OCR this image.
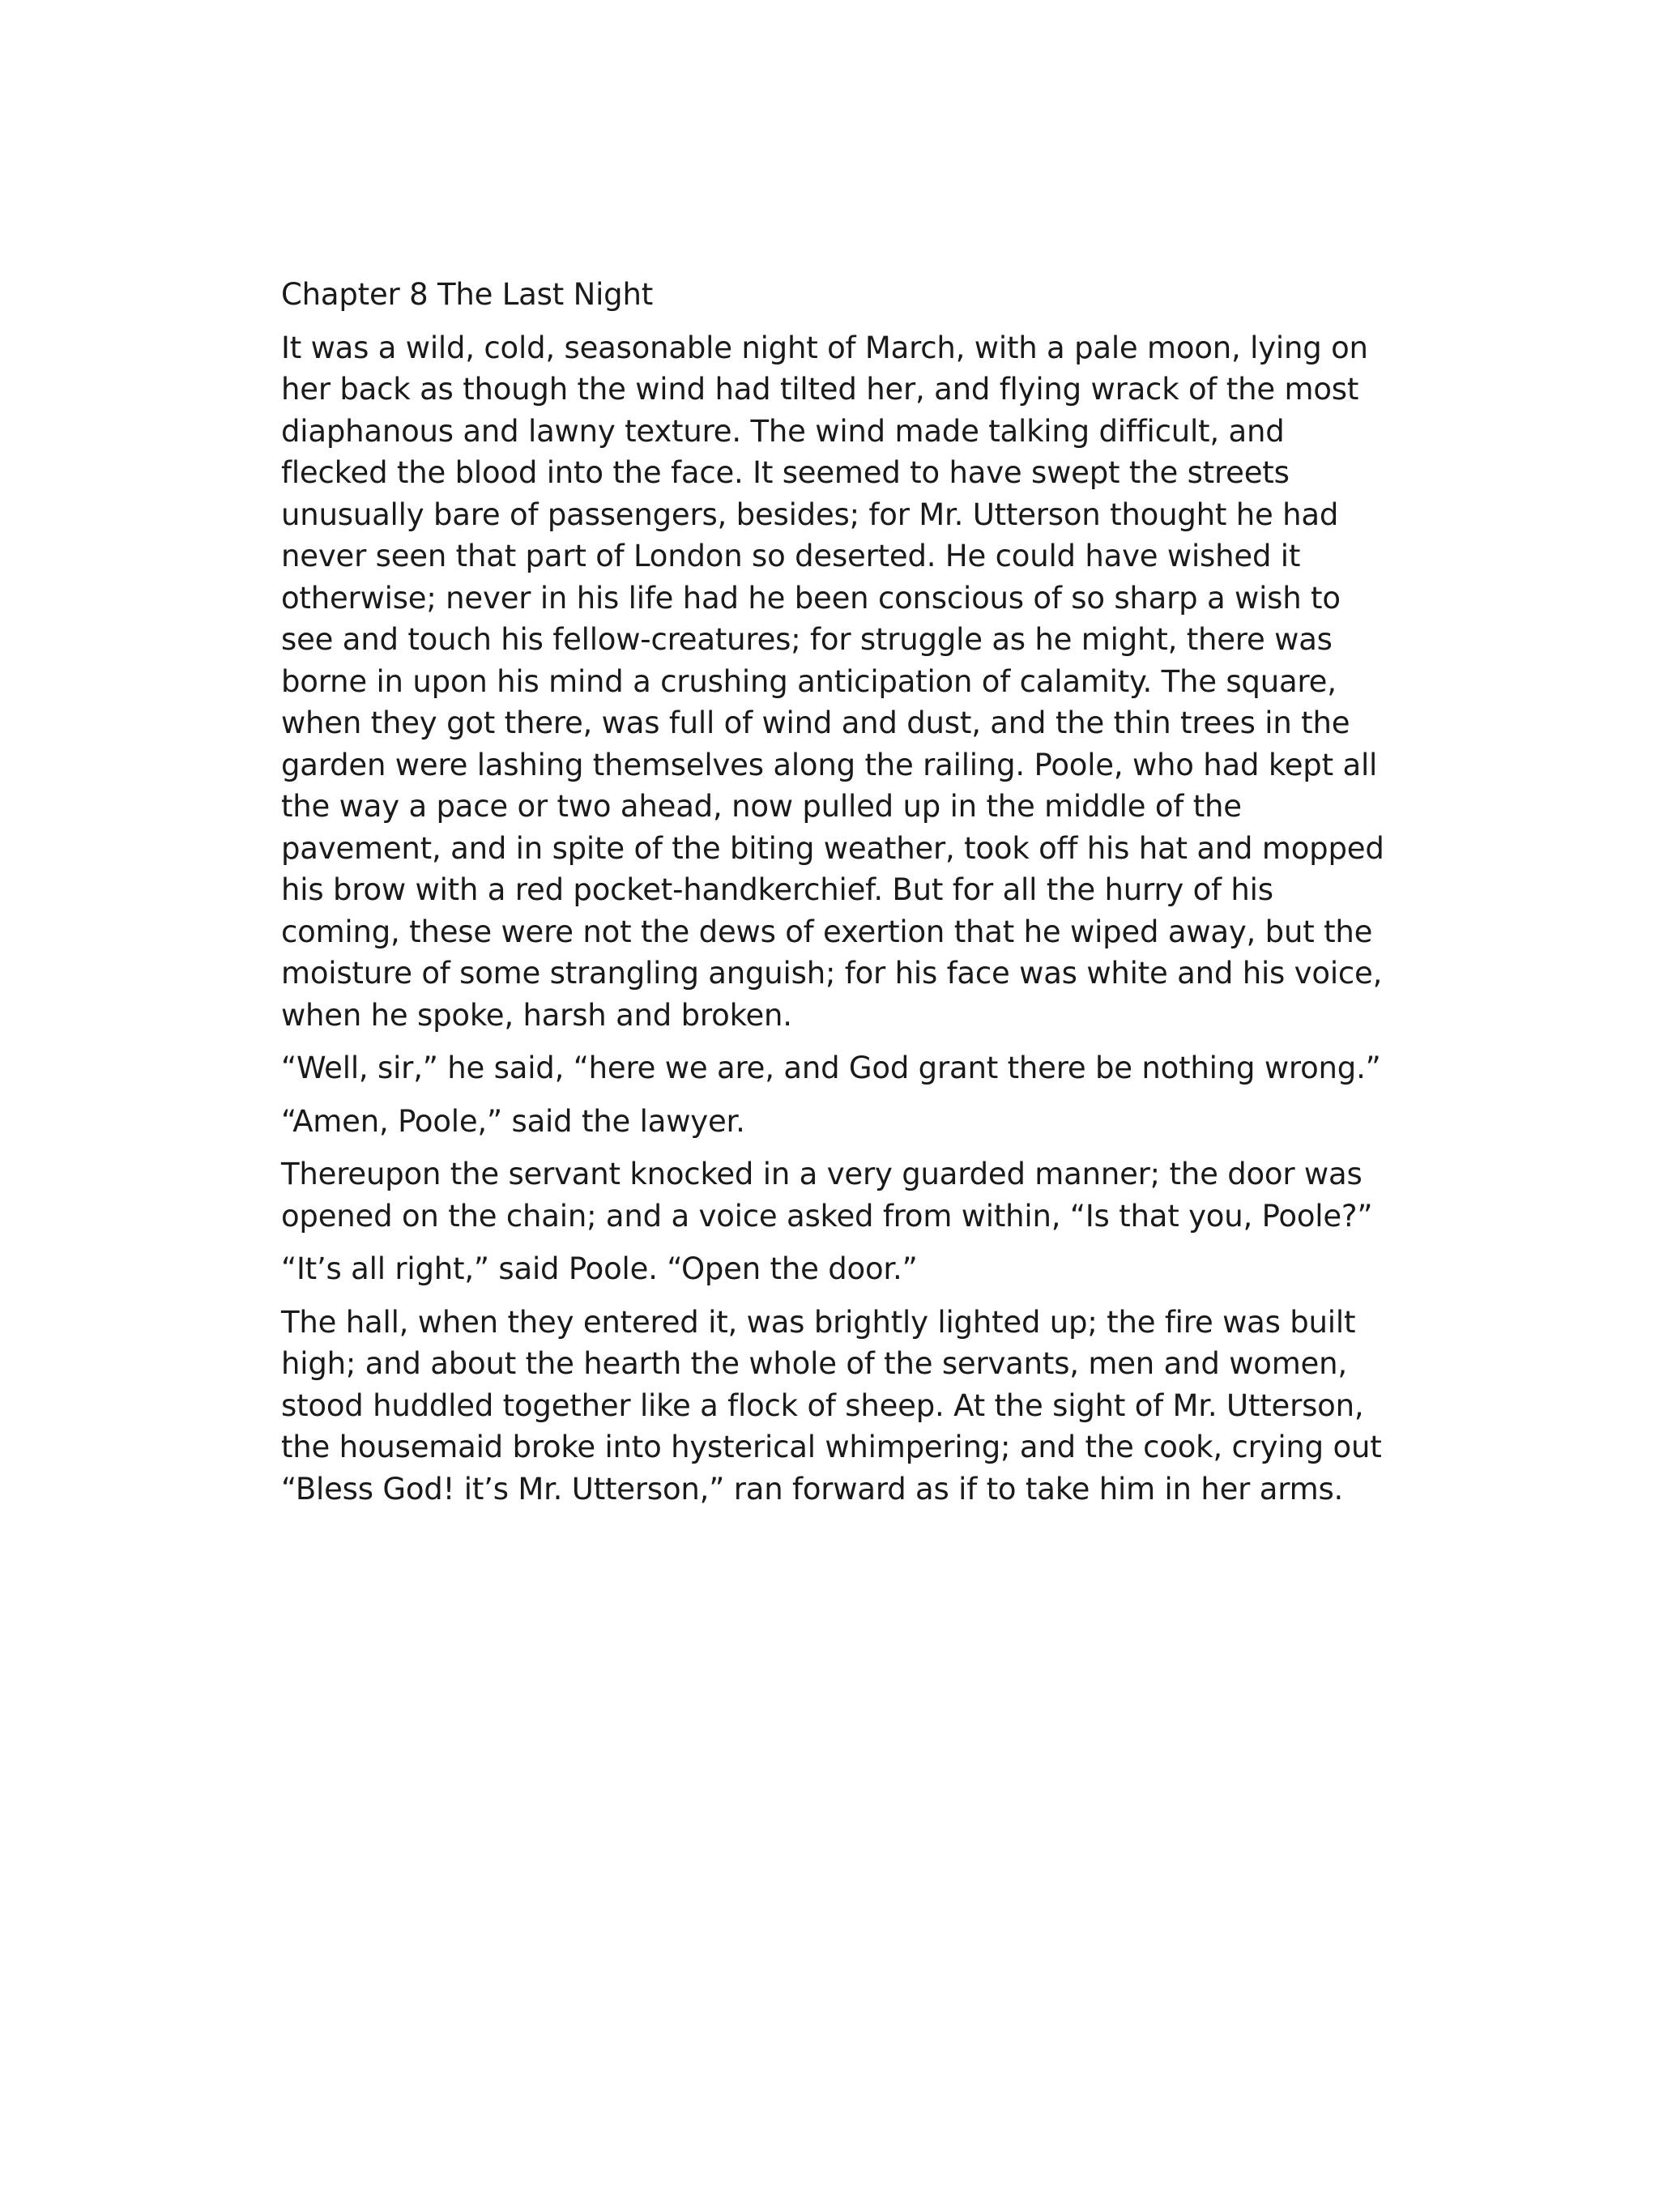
Chapter 8 The Last Night

It was a wild, cold, seasonable night of March, with a pale moon, lying on her back as though the wind had tilted her, and flying wrack of the most diaphanous and lawny texture. The wind made talking difficult, and flecked the blood into the face. It seemed to have swept the streets unusually bare of passengers, besides; for Mr. Utterson thought he had never seen that part of London so deserted. He could have wished it otherwise; never in his life had he been conscious of so sharp a wish to see and touch his fellow-creatures; for struggle as he might, there was borne in upon his mind a crushing anticipation of calamity. The square, when they got there, was full of wind and dust, and the thin trees in the garden were lashing themselves along the railing. Poole, who had kept all the way a pace or two ahead, now pulled up in the middle of the pavement, and in spite of the biting weather, took off his hat and mopped his brow with a red pocket-handkerchief. But for all the hurry of his coming, these were not the dews of exertion that he wiped away, but the moisture of some strangling anguish; for his face was white and his voice, when he spoke, harsh and broken.

“Well, sir,” he said, “here we are, and God grant there be nothing wrong.”

“Amen, Poole,” said the lawyer.

Thereupon the servant knocked in a very guarded manner; the door was opened on the chain; and a voice asked from within, “Is that you, Poole?”

“It’s all right,” said Poole. “Open the door.”

The hall, when they entered it, was brightly lighted up; the fire was built high; and about the hearth the whole of the servants, men and women, stood huddled together like a flock of sheep. At the sight of Mr. Utterson, the housemaid broke into hysterical whimpering; and the cook, crying out “Bless God! it’s Mr. Utterson,” ran forward as if to take him in her arms.
